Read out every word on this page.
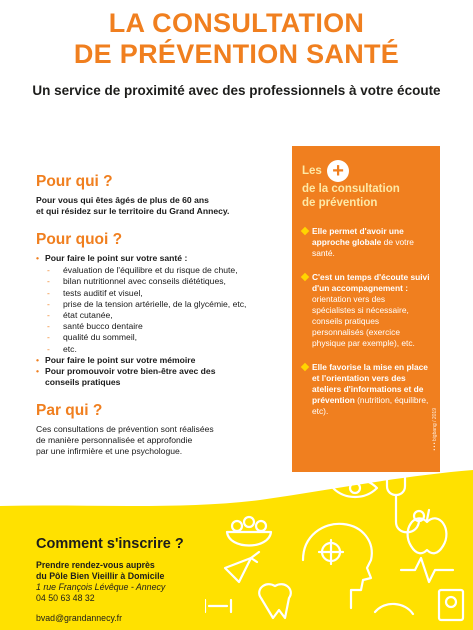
LA CONSULTATION
DE PRÉVENTION SANTÉ
Un service de proximité avec des professionnels à votre écoute
Pour qui ?
Pour vous qui êtes âgés de plus de 60 ans
et qui résidez sur le territoire du Grand Annecy.
Pour quoi ?
• Pour faire le point sur votre santé :
- évaluation de l'équilibre et du risque de chute,
- bilan nutritionnel avec conseils diététiques,
- tests auditif et visuel,
- prise de la tension artérielle, de la glycémie, etc,
- état cutanée,
- santé bucco dentaire
- qualité du sommeil,
- etc.
• Pour faire le point sur votre mémoire
• Pour promouvoir votre bien-être avec des
conseils pratiques
Par qui ?
Ces consultations de prévention sont réalisées
de manière personnalisée et approfondie
par une infirmière et une psychologue.
Comment s'inscrire ?
Prendre rendez-vous auprès
du Pôle Bien Vieillir à Domicile
1 rue François Lévêque - Annecy
04 50 63 48 32
bvad@grandannecy.fr
Les +
de la consultation
de prévention
Elle permet d'avoir une approche globale de votre santé.
C'est un temps d'écoute suivi d'un accompagnement : orientation vers des spécialistes si nécessaire, conseils pratiques personnalisés (exercice physique par exemple), etc.
Elle favorise la mise en place et l'orientation vers des ateliers d'informations et de prévention (nutrition, équilibre, etc).	• • • bigbang / 2019
